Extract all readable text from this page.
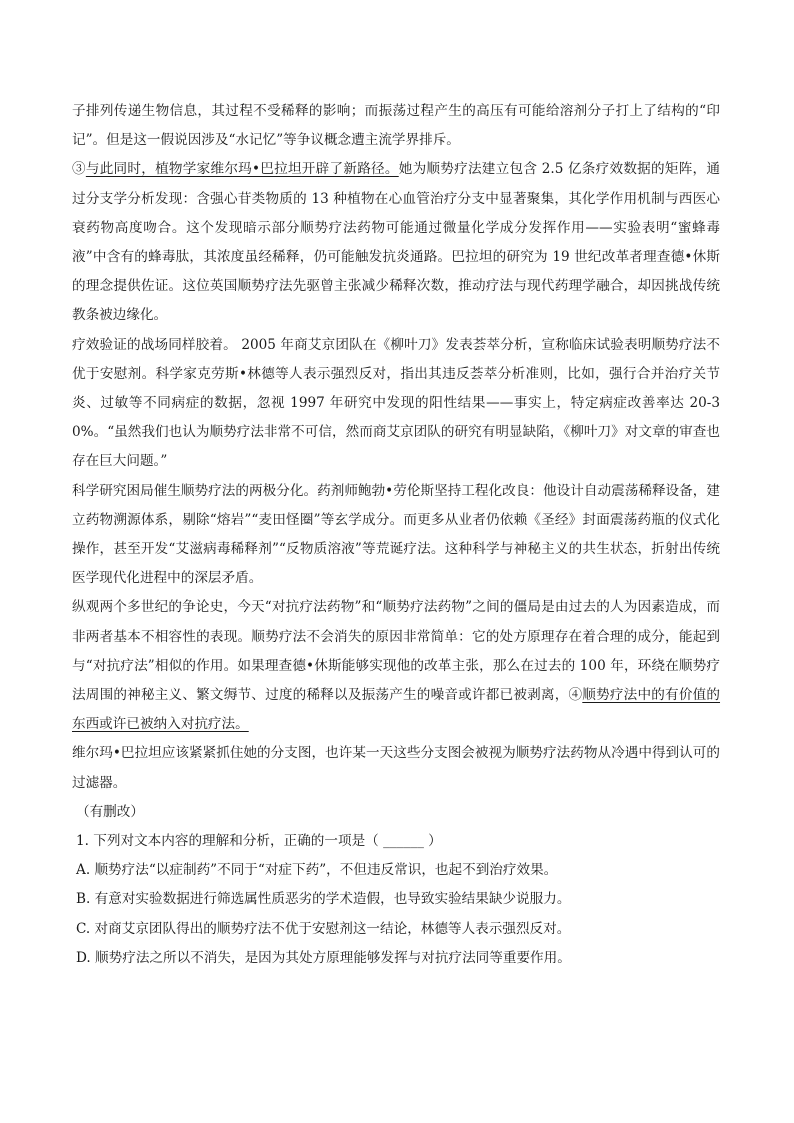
子排列传递生物信息，其过程不受稀释的影响；而振荡过程产生的高压有可能给溶剂分子打上了结构的“印记”。但是这一假说因涉及“水记忆”等争议概念遭主流学界排斥。

③与此同时，植物学家维尔玛•巴拉坦开辟了新路径。她为顺势疗法建立包含 2.5 亿条疗效数据的矩阵，通过分支学分析发现：含强心苷类物质的 13 种植物在心血管治疗分支中显著聚集，其化学作用机制与西医心衰药物高度吻合。这个发现暗示部分顺势疗法药物可能通过微量化学成分发挥作用——实验表明“蜜蜂毒液”中含有的蜂毒肽，其浓度虽经稀释，仍可能触发抗炎通路。巴拉坦的研究为 19 世纪改革者理查德•休斯的理念提供佐证。这位英国顺势疗法先驱曾主张减少稀释次数，推动疗法与现代药理学融合，却因挑战传统教条被边缘化。

疗效验证的战场同样胶着。 2005 年商艾京团队在《柳叶刀》发表荟萃分析，宣称临床试验表明顺势疗法不优于安慰剂。科学家克劳斯•林德等人表示强烈反对，指出其违反荟萃分析准则，比如，强行合并治疗关节炎、过敏等不同病症的数据，忽视 1997 年研究中发现的阳性结果——事实上，特定病症改善率达 20-30%。“虽然我们也认为顺势疗法非常不可信，然而商艾京团队的研究有明显缺陷，《柳叶刀》对文章的审查也存在巨大问题。”

科学研究困局催生顺势疗法的两极分化。药剂师鲍勃•劳伦斯坚持工程化改良：他设计自动震荡稀释设备，建立药物溯源体系，剔除“熔岩”“麦田怪圈”等玄学成分。而更多从业者仍依赖《圣经》封面震荡药瓶的仪式化操作，甚至开发“艾滋病毒稀释剂”“反物质溶液”等荒诞疗法。这种科学与神秘主义的共生状态，折射出传统医学现代化进程中的深层矛盾。

纵观两个多世纪的争论史，今天“对抗疗法药物”和“顺势疗法药物”之间的僵局是由过去的人为因素造成，而非两者基本不相容性的表现。顺势疗法不会消失的原因非常简单：它的处方原理存在着合理的成分，能起到与“对抗疗法”相似的作用。如果理查德•休斯能够实现他的改革主张，那么在过去的 100 年，环绕在顺势疗法周围的神秘主义、繁文缛节、过度的稀释以及振荡产生的噪音或许都已被剥离，④顺势疗法中的有价值的东西或许已被纳入对抗疗法。

维尔玛•巴拉坦应该紧紧抓住她的分支图，也许某一天这些分支图会被视为顺势疗法药物从冷遇中得到认可的过滤器。

（有删改）

1. 下列对文本内容的理解和分析，正确的一项是（ ______ ）

A. 顺势疗法“以症制药”不同于“对症下药”，不但违反常识，也起不到治疗效果。

B. 有意对实验数据进行筛选属性质恶劣的学术造假，也导致实验结果缺少说服力。

C. 对商艾京团队得出的顺势疗法不优于安慰剂这一结论，林德等人表示强烈反对。

D. 顺势疗法之所以不消失，是因为其处方原理能够发挥与对抗疗法同等重要作用。
